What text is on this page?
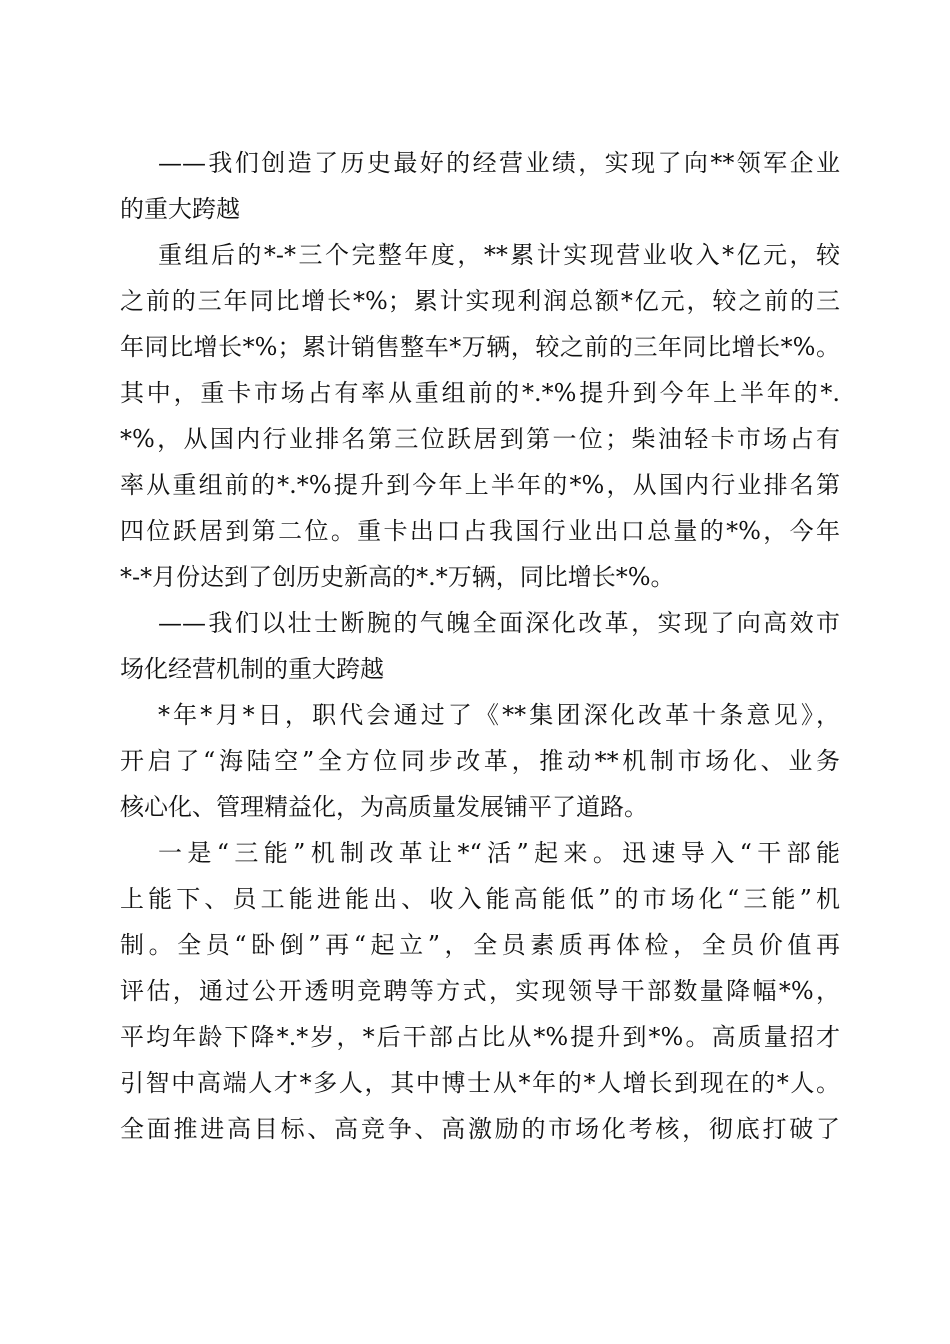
——我们创造了历史最好的经营业绩，实现了向**领军企业
的重大跨越
重组后的*-*三个完整年度，**累计实现营业收入*亿元，较
之前的三年同比增长*%；累计实现利润总额*亿元，较之前的三
年同比增长*%；累计销售整车*万辆，较之前的三年同比增长*%。
其中，重卡市场占有率从重组前的*.*%提升到今年上半年的*.
*%，从国内行业排名第三位跃居到第一位；柴油轻卡市场占有
率从重组前的*.*%提升到今年上半年的*%，从国内行业排名第
四位跃居到第二位。重卡出口占我国行业出口总量的*%，今年
*-*月份达到了创历史新高的*.*万辆，同比增长*%。
——我们以壮士断腕的气魄全面深化改革，实现了向高效市
场化经营机制的重大跨越
*年*月*日，职代会通过了《**集团深化改革十条意见》，
开启了“海陆空”全方位同步改革，推动**机制市场化、业务
核心化、管理精益化，为高质量发展铺平了道路。
一是“三能”机制改革让*“活”起来。迅速导入“干部能
上能下、员工能进能出、收入能高能低”的市场化“三能”机
制。全员“卧倒”再“起立”，全员素质再体检，全员价值再
评估，通过公开透明竞聘等方式，实现领导干部数量降幅*%，
平均年龄下降*.*岁，*后干部占比从*%提升到*%。高质量招才
引智中高端人才*多人，其中博士从*年的*人增长到现在的*人。
全面推进高目标、高竞争、高激励的市场化考核，彻底打破了
